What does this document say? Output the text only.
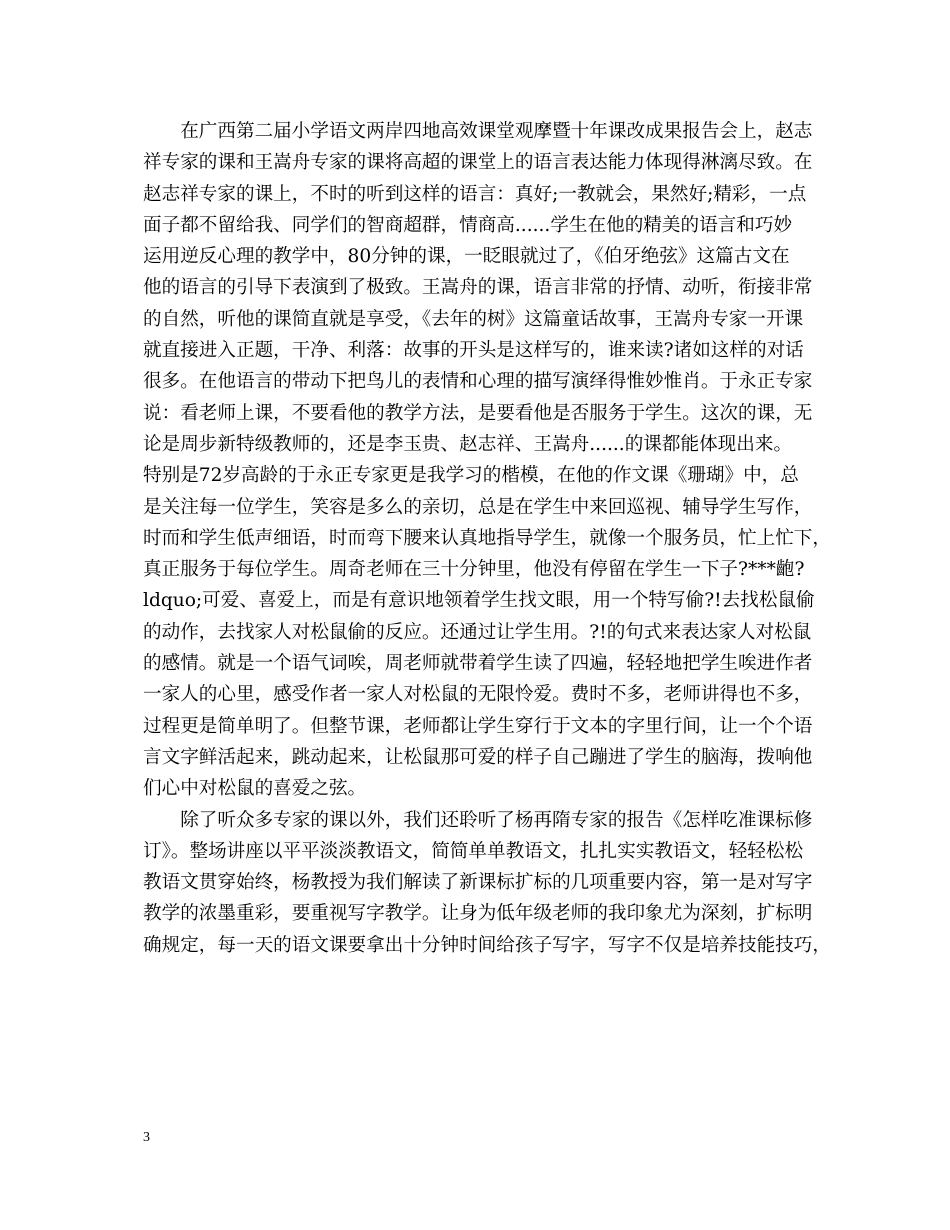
　　在广西第二届小学语文两岸四地高效课堂观摩暨十年课改成果报告会上，赵志
祥专家的课和王嵩舟专家的课将高超的课堂上的语言表达能力体现得淋漓尽致。在
赵志祥专家的课上，不时的听到这样的语言：真好;一教就会，果然好;精彩，一点
面子都不留给我、同学们的智商超群，情商高......学生在他的精美的语言和巧妙
运用逆反心理的教学中，80分钟的课，一眨眼就过了，《伯牙绝弦》这篇古文在
他的语言的引导下表演到了极致。王嵩舟的课，语言非常的抒情、动听，衔接非常
的自然，听他的课简直就是享受，《去年的树》这篇童话故事，王嵩舟专家一开课
就直接进入正题，干净、利落：故事的开头是这样写的，谁来读?诸如这样的对话
很多。在他语言的带动下把鸟儿的表情和心理的描写演绎得惟妙惟肖。于永正专家
说：看老师上课，不要看他的教学方法，是要看他是否服务于学生。这次的课，无
论是周步新特级教师的，还是李玉贵、赵志祥、王嵩舟......的课都能体现出来。
特别是72岁高龄的于永正专家更是我学习的楷模，在他的作文课《珊瑚》中，总
是关注每一位学生，笑容是多么的亲切，总是在学生中来回巡视、辅导学生写作，
时而和学生低声细语，时而弯下腰来认真地指导学生，就像一个服务员，忙上忙下，
真正服务于每位学生。周奇老师在三十分钟里，他没有停留在学生一下子?***齙?
ldquo;可爱、喜爱上，而是有意识地领着学生找文眼，用一个特写偷?!去找松鼠偷
的动作，去找家人对松鼠偷的反应。还通过让学生用。?!的句式来表达家人对松鼠
的感情。就是一个语气词唉，周老师就带着学生读了四遍，轻轻地把学生唉进作者
一家人的心里，感受作者一家人对松鼠的无限怜爱。费时不多，老师讲得也不多，
过程更是简单明了。但整节课，老师都让学生穿行于文本的字里行间，让一个个语
言文字鲜活起来，跳动起来，让松鼠那可爱的样子自己蹦进了学生的脑海，拨响他
们心中对松鼠的喜爱之弦。
　　除了听众多专家的课以外，我们还聆听了杨再隋专家的报告《怎样吃准课标修
订》。整场讲座以平平淡淡教语文，简简单单教语文，扎扎实实教语文，轻轻松松
教语文贯穿始终，杨教授为我们解读了新课标扩标的几项重要内容，第一是对写字
教学的浓墨重彩，要重视写字教学。让身为低年级老师的我印象尤为深刻，扩标明
确规定，每一天的语文课要拿出十分钟时间给孩子写字，写字不仅是培养技能技巧，
3
